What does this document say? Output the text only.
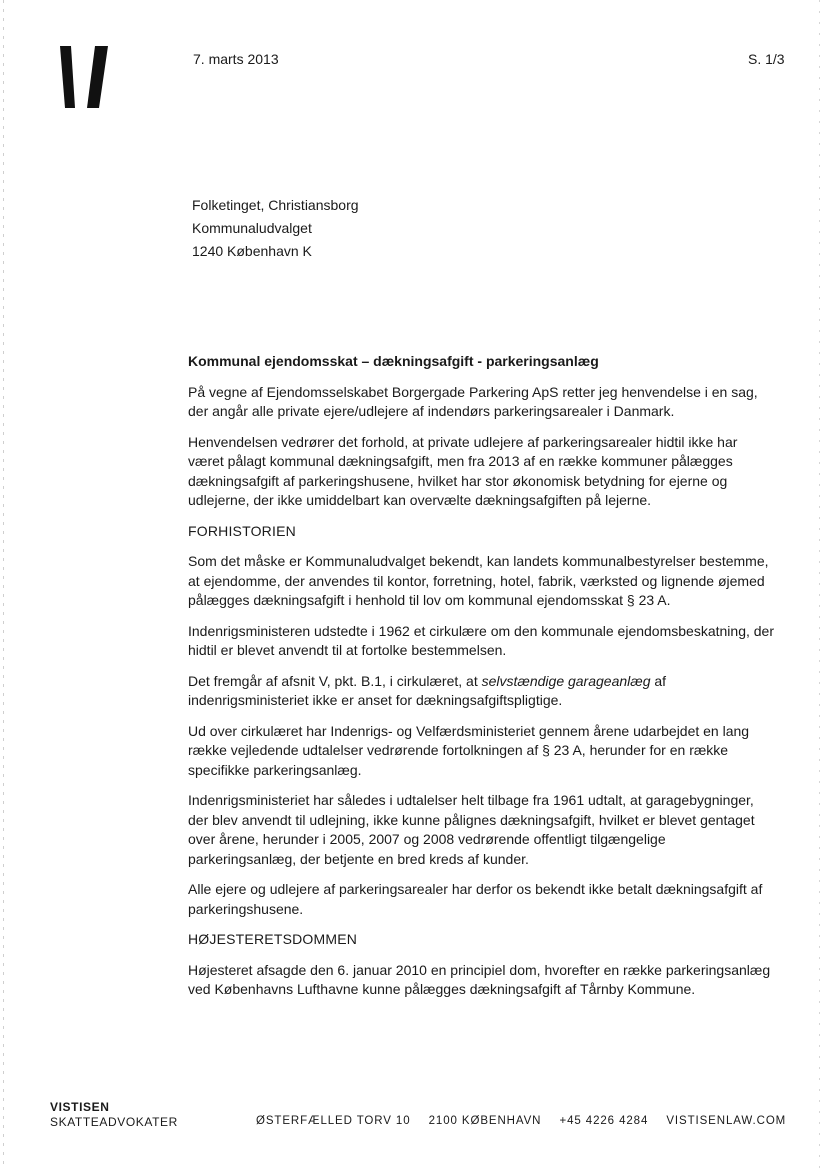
7. marts 2013	S. 1/3
Folketinget, Christiansborg
Kommunaludvalget
1240 København K

Kommunal ejendomsskat – dækningsafgift - parkeringsanlæg

På vegne af Ejendomsselskabet Borgergade Parkering ApS retter jeg henvendelse i en sag, der angår alle private ejere/udlejere af indendørs parkeringsarealer i Danmark.

Henvendelsen vedrører det forhold, at private udlejere af parkeringsarealer hidtil ikke har været pålagt kommunal dækningsafgift, men fra 2013 af en række kommuner pålægges dækningsafgift af parkeringshusene, hvilket har stor økonomisk betydning for ejerne og udlejerne, der ikke umiddelbart kan overvælte dækningsafgiften på lejerne.

FORHISTORIEN

Som det måske er Kommunaludvalget bekendt, kan landets kommunalbestyrelser bestemme, at ejendomme, der anvendes til kontor, forretning, hotel, fabrik, værksted og lignende øjemed pålægges dækningsafgift i henhold til lov om kommunal ejendomsskat § 23 A.

Indenrigsministeren udstedte i 1962 et cirkulære om den kommunale ejendomsbeskatning, der hidtil er blevet anvendt til at fortolke bestemmelsen.

Det fremgår af afsnit V, pkt. B.1, i cirkulæret, at selvstændige garageanlæg af indenrigsministeriet ikke er anset for dækningsafgiftspligtige.

Ud over cirkulæret har Indenrigs- og Velfærdsministeriet gennem årene udarbejdet en lang række vejledende udtalelser vedrørende fortolkningen af § 23 A, herunder for en række specifikke parkeringsanlæg.

Indenrigsministeriet har således i udtalelser helt tilbage fra 1961 udtalt, at garagebygninger, der blev anvendt til udlejning, ikke kunne pålignes dækningsafgift, hvilket er blevet gentaget over årene, herunder i 2005, 2007 og 2008 vedrørende offentligt tilgængelige parkeringsanlæg, der betjente en bred kreds af kunder.

Alle ejere og udlejere af parkeringsarealer har derfor os bekendt ikke betalt dækningsafgift af parkeringshusene.

HØJESTERETSDOMMEN

Højesteret afsagde den 6. januar 2010 en principiel dom, hvorefter en række parkeringsanlæg ved Københavns Lufthavne kunne pålægges dækningsafgift af Tårnby Kommune.

VISTISEN
SKATTEADVOKATER	ØSTERFÆLLED TORV 10 2100 KØBENHAVN +45 4226 4284 VISTISENLAW.COM
